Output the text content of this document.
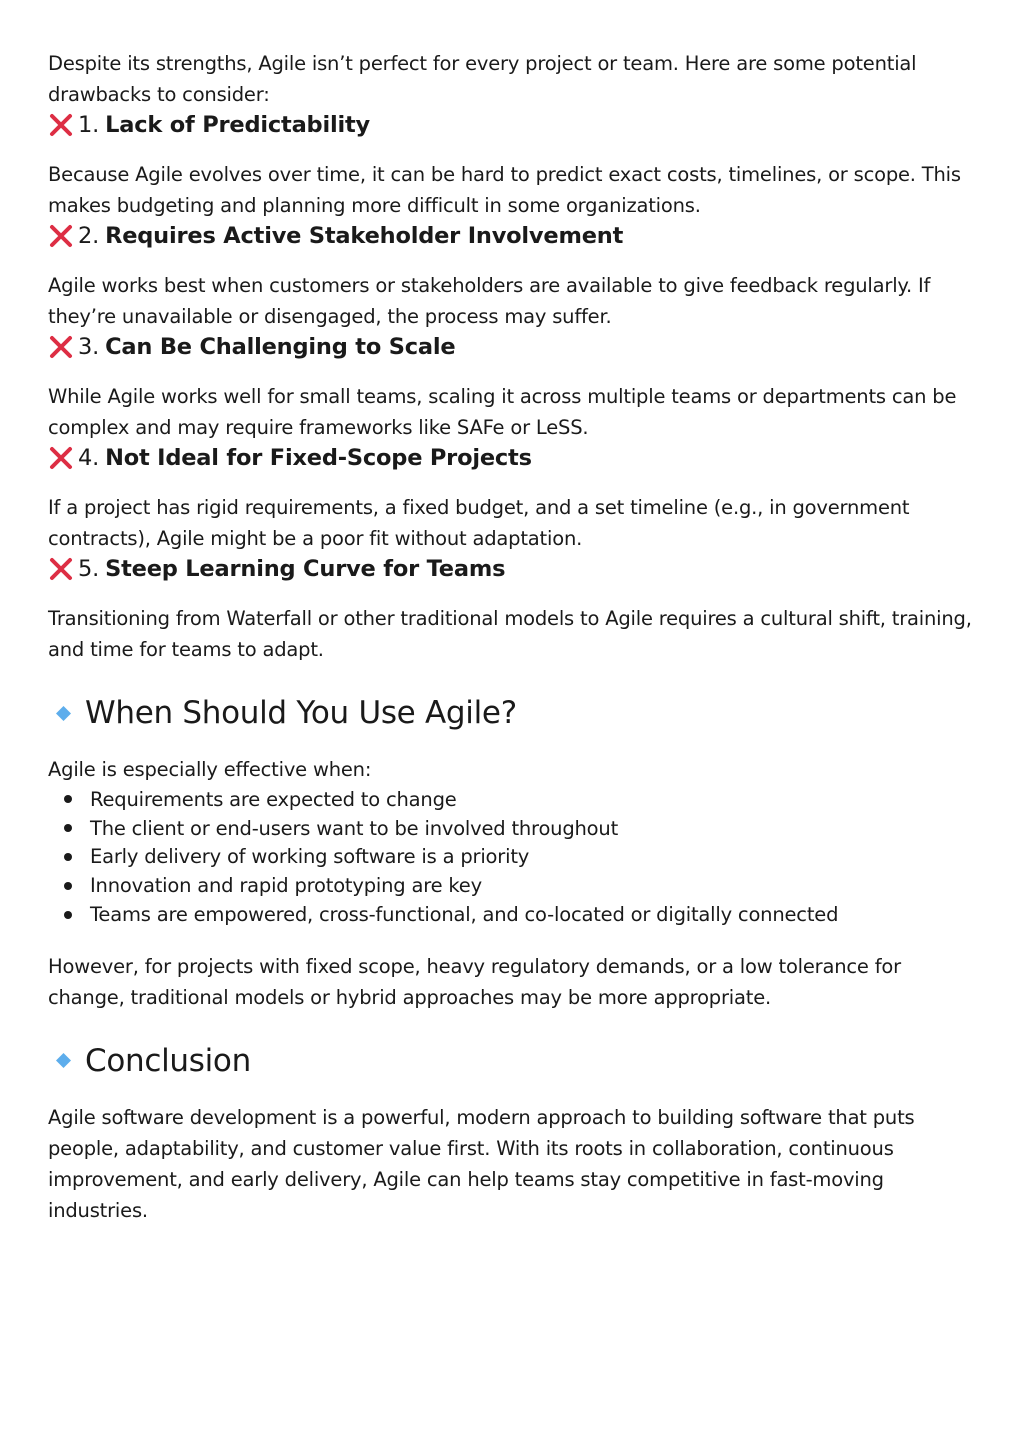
Despite its strengths, Agile isn’t perfect for every project or team. Here are some potential drawbacks to consider:

1. Lack of Predictability

Because Agile evolves over time, it can be hard to predict exact costs, timelines, or scope. This makes budgeting and planning more difficult in some organizations.

2. Requires Active Stakeholder Involvement

Agile works best when customers or stakeholders are available to give feedback regularly. If they’re unavailable or disengaged, the process may suffer.

3. Can Be Challenging to Scale

While Agile works well for small teams, scaling it across multiple teams or departments can be complex and may require frameworks like SAFe or LeSS.

4. Not Ideal for Fixed-Scope Projects

If a project has rigid requirements, a fixed budget, and a set timeline (e.g., in government contracts), Agile might be a poor fit without adaptation.

5. Steep Learning Curve for Teams

Transitioning from Waterfall or other traditional models to Agile requires a cultural shift, training, and time for teams to adapt.

When Should You Use Agile?

Agile is especially effective when:

Requirements are expected to change
The client or end-users want to be involved throughout
Early delivery of working software is a priority
Innovation and rapid prototyping are key
Teams are empowered, cross-functional, and co-located or digitally connected

However, for projects with fixed scope, heavy regulatory demands, or a low tolerance for change, traditional models or hybrid approaches may be more appropriate.

Conclusion

Agile software development is a powerful, modern approach to building software that puts people, adaptability, and customer value first. With its roots in collaboration, continuous improvement, and early delivery, Agile can help teams stay competitive in fast-moving industries.
